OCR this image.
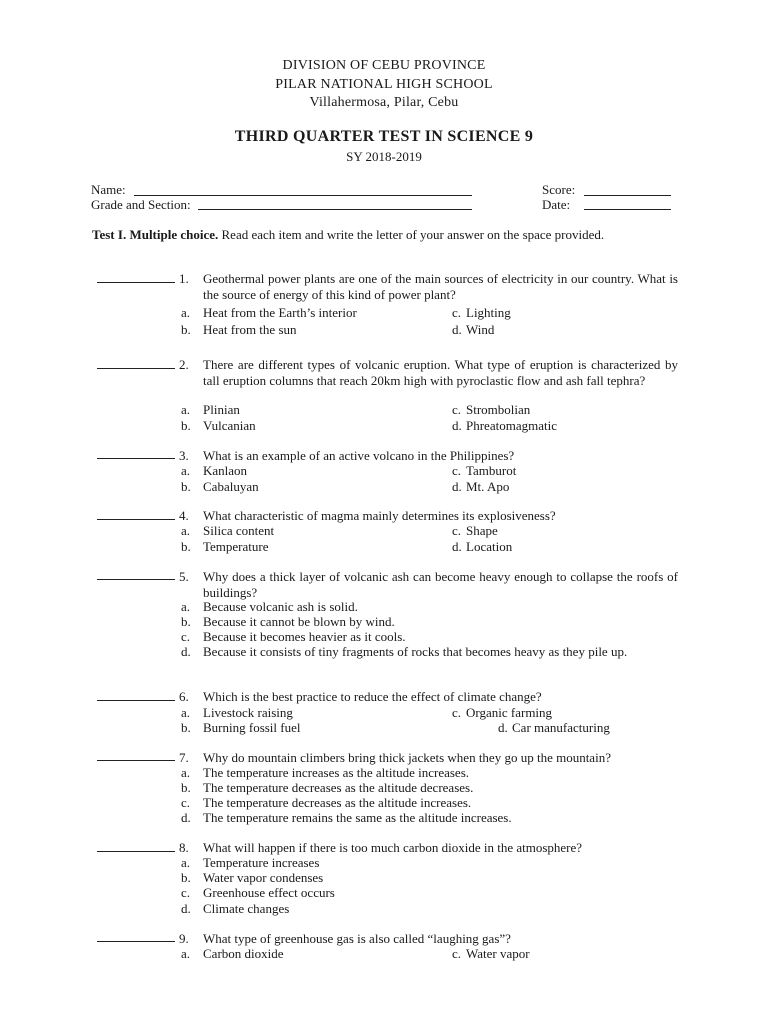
DIVISION OF CEBU PROVINCE
PILAR NATIONAL HIGH SCHOOL
Villahermosa, Pilar, Cebu
THIRD QUARTER TEST IN SCIENCE 9
SY 2018-2019
Name:
Grade and Section:
Score:
Date:
Test I. Multiple choice. Read each item and write the letter of your answer on the space provided.
1. Geothermal power plants are one of the main sources of electricity in our country. What is the source of energy of this kind of power plant?
a. Heat from the Earth’s interior
b. Heat from the sun
c. Lighting
d. Wind
2. There are different types of volcanic eruption. What type of eruption is characterized by tall eruption columns that reach 20km high with pyroclastic flow and ash fall tephra?
a. Plinian
b. Vulcanian
c. Strombolian
d. Phreatomagmatic
3. What is an example of an active volcano in the Philippines?
a. Kanlaon
b. Cabaluyan
c. Tamburot
d. Mt. Apo
4. What characteristic of magma mainly determines its explosiveness?
a. Silica content
b. Temperature
c. Shape
d. Location
5. Why does a thick layer of volcanic ash can become heavy enough to collapse the roofs of buildings?
a. Because volcanic ash is solid.
b. Because it cannot be blown by wind.
c. Because it becomes heavier as it cools.
d. Because it consists of tiny fragments of rocks that becomes heavy as they pile up.
6. Which is the best practice to reduce the effect of climate change?
a. Livestock raising
b. Burning fossil fuel
c. Organic farming
d. Car manufacturing
7. Why do mountain climbers bring thick jackets when they go up the mountain?
a. The temperature increases as the altitude increases.
b. The temperature decreases as the altitude decreases.
c. The temperature decreases as the altitude increases.
d. The temperature remains the same as the altitude increases.
8. What will happen if there is too much carbon dioxide in the atmosphere?
a. Temperature increases
b. Water vapor condenses
c. Greenhouse effect occurs
d. Climate changes
9. What type of greenhouse gas is also called “laughing gas”?
a. Carbon dioxide	c. Water vapor
